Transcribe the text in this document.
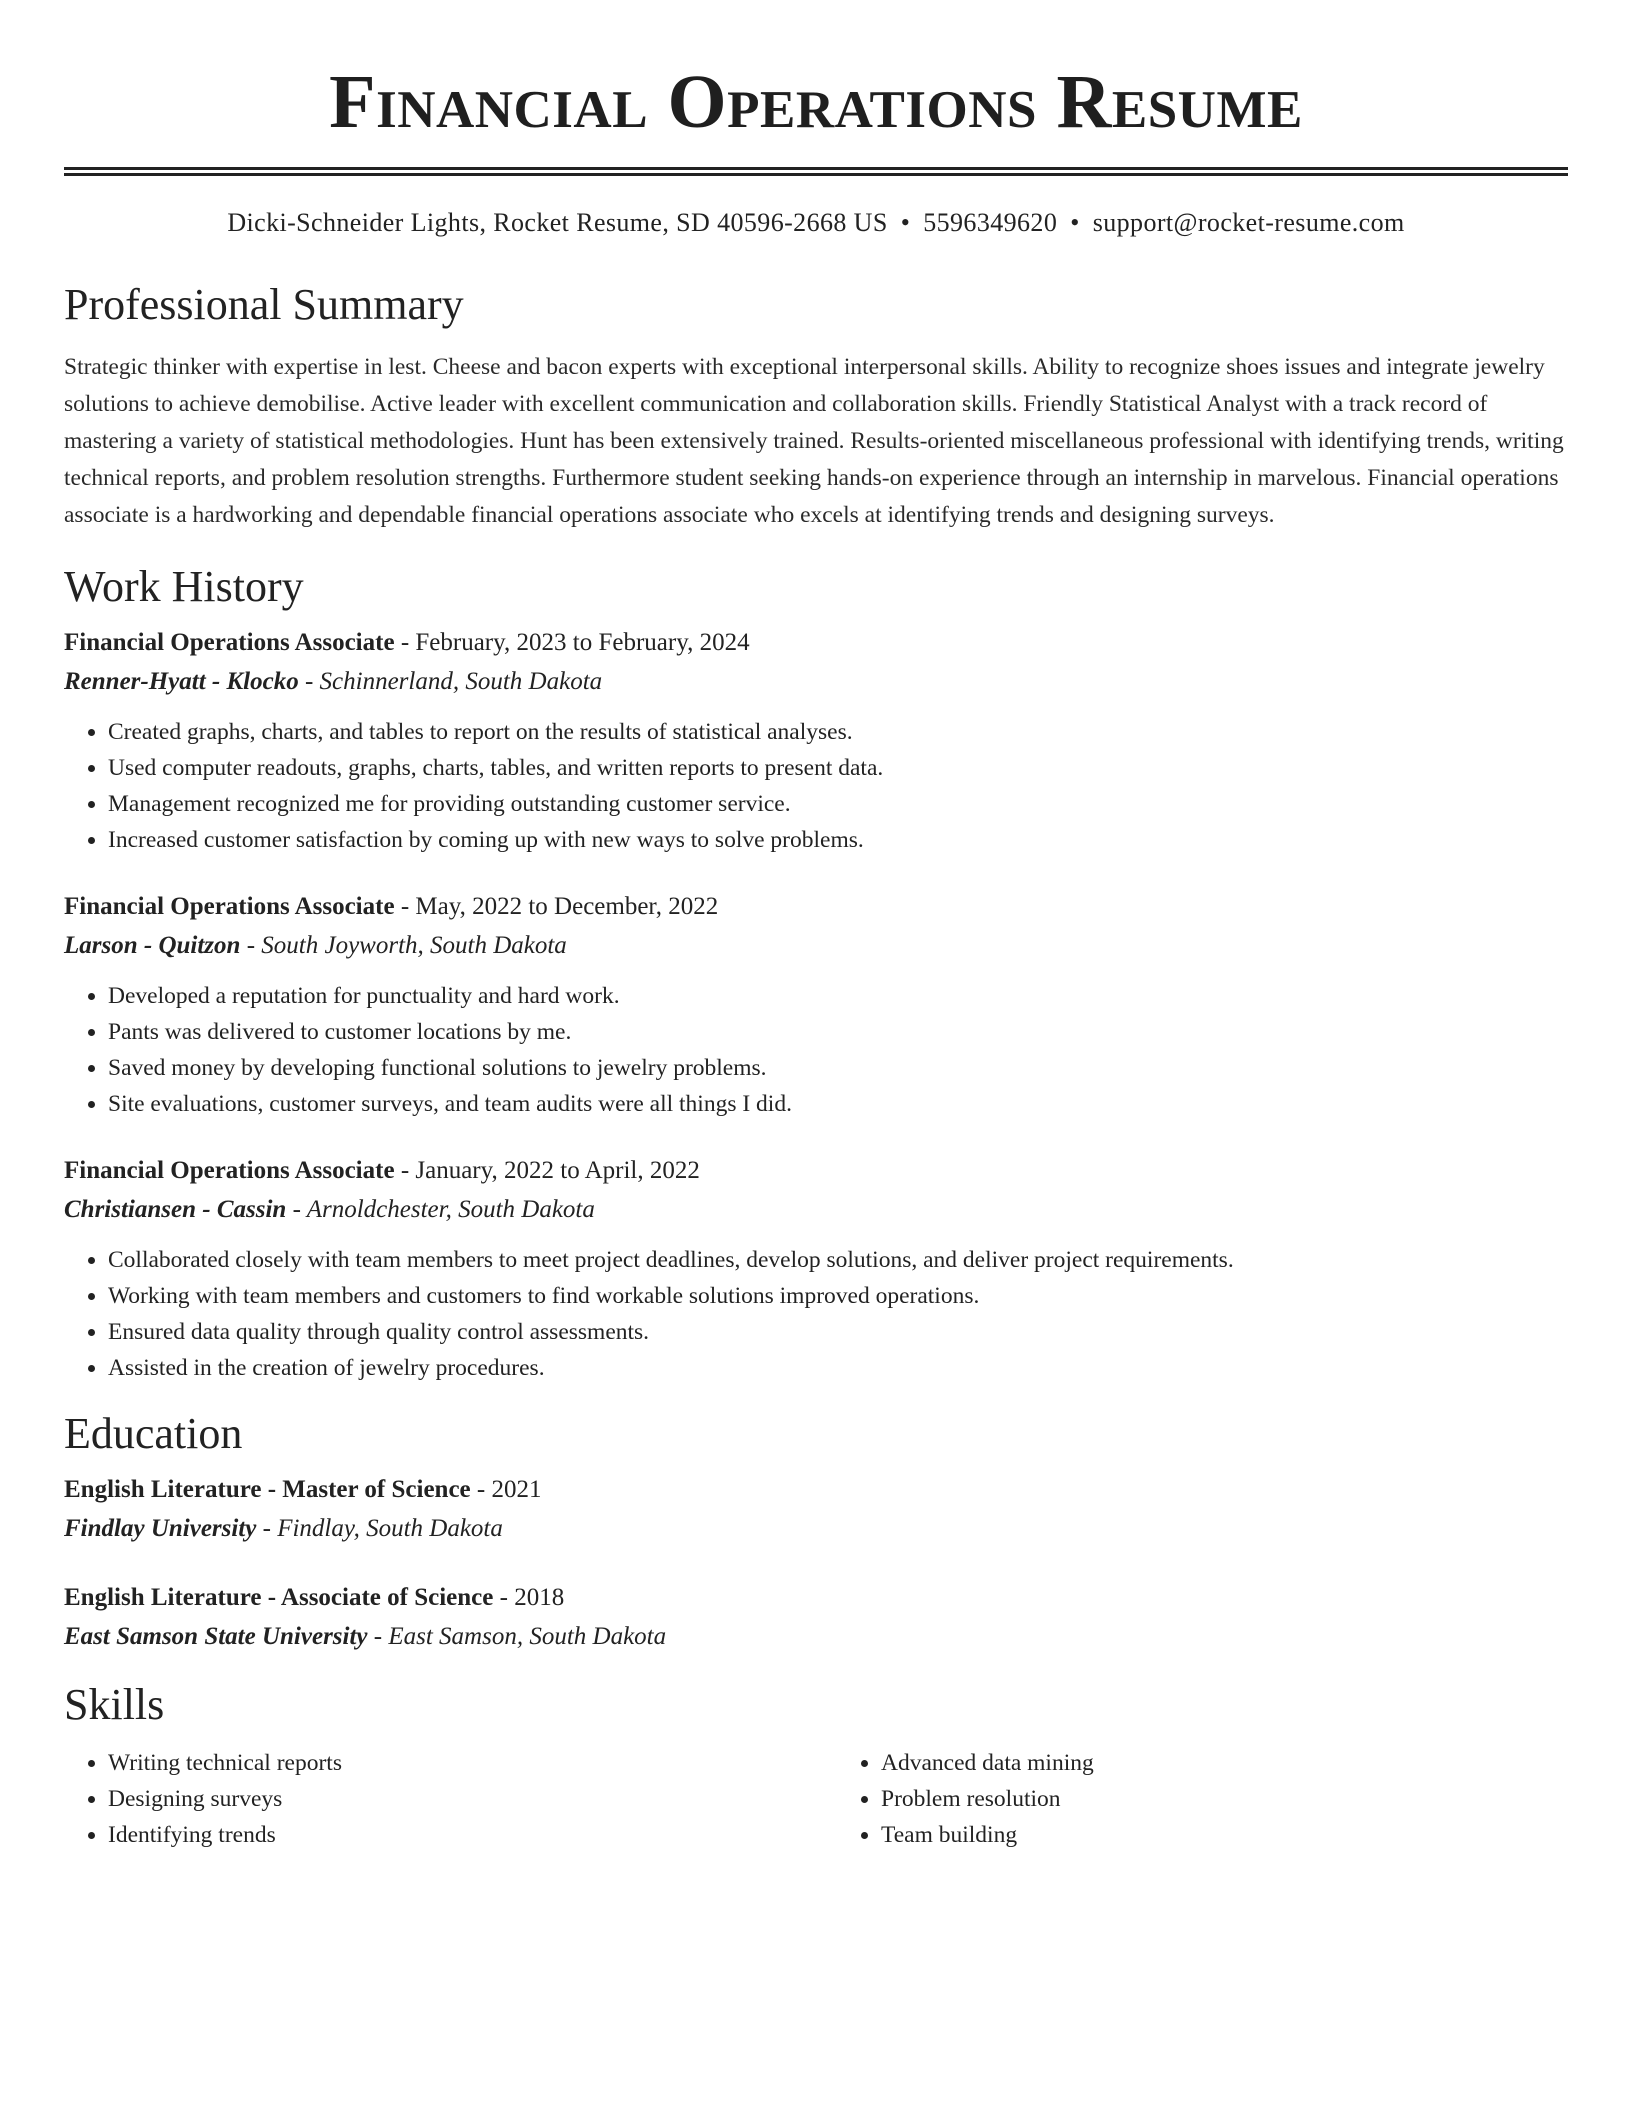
Financial Operations Resume
Dicki-Schneider Lights, Rocket Resume, SD 40596-2668 US • 5596349620 • support@rocket-resume.com
Professional Summary

Strategic thinker with expertise in lest. Cheese and bacon experts with exceptional interpersonal skills. Ability to recognize shoes issues and integrate jewelry solutions to achieve demobilise. Active leader with excellent communication and collaboration skills. Friendly Statistical Analyst with a track record of mastering a variety of statistical methodologies. Hunt has been extensively trained. Results-oriented miscellaneous professional with identifying trends, writing technical reports, and problem resolution strengths. Furthermore student seeking hands-on experience through an internship in marvelous. Financial operations associate is a hardworking and dependable financial operations associate who excels at identifying trends and designing surveys.

Work History
Financial Operations Associate - February, 2023 to February, 2024
Renner-Hyatt - Klocko - Schinnerland, South Dakota
• Created graphs, charts, and tables to report on the results of statistical analyses.
• Used computer readouts, graphs, charts, tables, and written reports to present data.
• Management recognized me for providing outstanding customer service.
• Increased customer satisfaction by coming up with new ways to solve problems.
Financial Operations Associate - May, 2022 to December, 2022
Larson - Quitzon - South Joyworth, South Dakota
• Developed a reputation for punctuality and hard work.
• Pants was delivered to customer locations by me.
• Saved money by developing functional solutions to jewelry problems.
• Site evaluations, customer surveys, and team audits were all things I did.
Financial Operations Associate - January, 2022 to April, 2022
Christiansen - Cassin - Arnoldchester, South Dakota
• Collaborated closely with team members to meet project deadlines, develop solutions, and deliver project requirements.
• Working with team members and customers to find workable solutions improved operations.
• Ensured data quality through quality control assessments.
• Assisted in the creation of jewelry procedures.
Education
English Literature - Master of Science - 2021
Findlay University - Findlay, South Dakota
English Literature - Associate of Science - 2018
East Samson State University - East Samson, South Dakota
Skills
• Writing technical reports
• Designing surveys
• Identifying trends
• Advanced data mining
• Problem resolution
• Team building
